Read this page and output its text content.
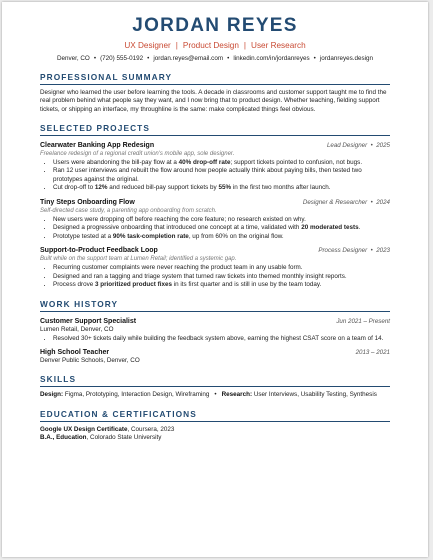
JORDAN REYES
UX Designer | Product Design | User Research
Denver, CO • (720) 555-0192 • jordan.reyes@email.com • linkedin.com/in/jordanreyes • jordanreyes.design
PROFESSIONAL SUMMARY

Designer who learned the user before learning the tools. A decade in classrooms and customer support taught me to find the real problem behind what people say they want, and I now bring that to product design. Whether teaching, fielding support tickets, or shipping an interface, my throughline is the same: make complicated things feel obvious.

SELECTED PROJECTS
Clearwater Banking App Redesign	Lead Designer  •  2025
Freelance redesign of a regional credit union's mobile app, sole designer.
• Users were abandoning the bill-pay flow at a 40% drop-off rate; support tickets pointed to confusion, not bugs.
• Ran 12 user interviews and rebuilt the flow around how people actually think about paying bills, then tested two prototypes against the original.
• Cut drop-off to 12% and reduced bill-pay support tickets by 55% in the first two months after launch.
Tiny Steps Onboarding Flow	Designer & Researcher  •  2024
Self-directed case study, a parenting app onboarding from scratch.
• New users were dropping off before reaching the core feature; no research existed on why.
• Designed a progressive onboarding that introduced one concept at a time, validated with 20 moderated tests.
• Prototype tested at a 90% task-completion rate, up from 60% on the original flow.
Support-to-Product Feedback Loop	Process Designer  •  2023
Built while on the support team at Lumen Retail; identified a systemic gap.
• Recurring customer complaints were never reaching the product team in any usable form.
• Designed and ran a tagging and triage system that turned raw tickets into themed monthly insight reports.
• Process drove 3 prioritized product fixes in its first quarter and is still in use by the team today.
WORK HISTORY
Customer Support Specialist	Jun 2021 – Present
Lumen Retail, Denver, CO
• Resolved 30+ tickets daily while building the feedback system above, earning the highest CSAT score on a team of 14.
High School Teacher	2013 – 2021
Denver Public Schools, Denver, CO
SKILLS
Design: Figma, Prototyping, Interaction Design, Wireframing • Research: User Interviews, Usability Testing, Synthesis
EDUCATION & CERTIFICATIONS
Google UX Design Certificate, Coursera, 2023
B.A., Education, Colorado State University
